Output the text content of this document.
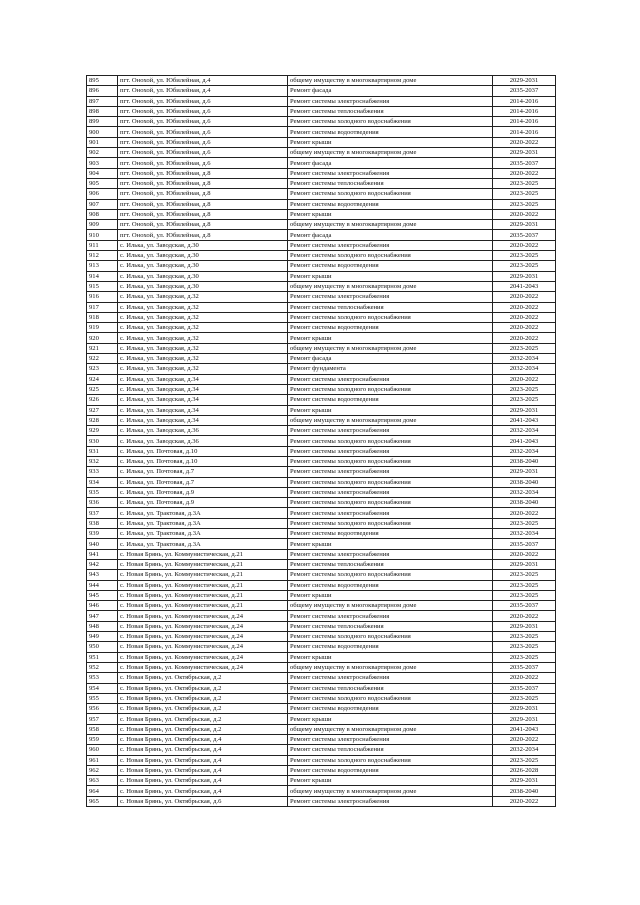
895	пгт. Онохой, ул. Юбилейная, д.4	общему имуществу в многоквартирном доме	2029-2031
896	пгт. Онохой, ул. Юбилейная, д.4	Ремонт фасада	2035-2037
897	пгт. Онохой, ул. Юбилейная, д.6	Ремонт системы электроснабжения	2014-2016
898	пгт. Онохой, ул. Юбилейная, д.6	Ремонт системы теплоснабжения	2014-2016
899	пгт. Онохой, ул. Юбилейная, д.6	Ремонт системы холодного водоснабжения	2014-2016
900	пгт. Онохой, ул. Юбилейная, д.6	Ремонт системы водоотведения	2014-2016
901	пгт. Онохой, ул. Юбилейная, д.6	Ремонт крыши	2020-2022
902	пгт. Онохой, ул. Юбилейная, д.6	общему имуществу в многоквартирном доме	2029-2031
903	пгт. Онохой, ул. Юбилейная, д.6	Ремонт фасада	2035-2037
904	пгт. Онохой, ул. Юбилейная, д.8	Ремонт системы электроснабжения	2020-2022
905	пгт. Онохой, ул. Юбилейная, д.8	Ремонт системы теплоснабжения	2023-2025
906	пгт. Онохой, ул. Юбилейная, д.8	Ремонт системы холодного водоснабжения	2023-2025
907	пгт. Онохой, ул. Юбилейная, д.8	Ремонт системы водоотведения	2023-2025
908	пгт. Онохой, ул. Юбилейная, д.8	Ремонт крыши	2020-2022
909	пгт. Онохой, ул. Юбилейная, д.8	общему имуществу в многоквартирном доме	2029-2031
910	пгт. Онохой, ул. Юбилейная, д.8	Ремонт фасада	2035-2037
911	с. Илька, ул. Заводская, д.30	Ремонт системы электроснабжения	2020-2022
912	с. Илька, ул. Заводская, д.30	Ремонт системы холодного водоснабжения	2023-2025
913	с. Илька, ул. Заводская, д.30	Ремонт системы водоотведения	2023-2025
914	с. Илька, ул. Заводская, д.30	Ремонт крыши	2029-2031
915	с. Илька, ул. Заводская, д.30	общему имуществу в многоквартирном доме	2041-2043
916	с. Илька, ул. Заводская, д.32	Ремонт системы электроснабжения	2020-2022
917	с. Илька, ул. Заводская, д.32	Ремонт системы теплоснабжения	2020-2022
918	с. Илька, ул. Заводская, д.32	Ремонт системы холодного водоснабжения	2020-2022
919	с. Илька, ул. Заводская, д.32	Ремонт системы водоотведения	2020-2022
920	с. Илька, ул. Заводская, д.32	Ремонт крыши	2020-2022
921	с. Илька, ул. Заводская, д.32	общему имуществу в многоквартирном доме	2023-2025
922	с. Илька, ул. Заводская, д.32	Ремонт фасада	2032-2034
923	с. Илька, ул. Заводская, д.32	Ремонт фундамента	2032-2034
924	с. Илька, ул. Заводская, д.34	Ремонт системы электроснабжения	2020-2022
925	с. Илька, ул. Заводская, д.34	Ремонт системы холодного водоснабжения	2023-2025
926	с. Илька, ул. Заводская, д.34	Ремонт системы водоотведения	2023-2025
927	с. Илька, ул. Заводская, д.34	Ремонт крыши	2029-2031
928	с. Илька, ул. Заводская, д.34	общему имуществу в многоквартирном доме	2041-2043
929	с. Илька, ул. Заводская, д.36	Ремонт системы электроснабжения	2032-2034
930	с. Илька, ул. Заводская, д.36	Ремонт системы холодного водоснабжения	2041-2043
931	с. Илька, ул. Почтовая, д.10	Ремонт системы электроснабжения	2032-2034
932	с. Илька, ул. Почтовая, д.10	Ремонт системы холодного водоснабжения	2038-2040
933	с. Илька, ул. Почтовая, д.7	Ремонт системы электроснабжения	2029-2031
934	с. Илька, ул. Почтовая, д.7	Ремонт системы холодного водоснабжения	2038-2040
935	с. Илька, ул. Почтовая, д.9	Ремонт системы электроснабжения	2032-2034
936	с. Илька, ул. Почтовая, д.9	Ремонт системы холодного водоснабжения	2038-2040
937	с. Илька, ул. Трактовая, д.3А	Ремонт системы электроснабжения	2020-2022
938	с. Илька, ул. Трактовая, д.3А	Ремонт системы холодного водоснабжения	2023-2025
939	с. Илька, ул. Трактовая, д.3А	Ремонт системы водоотведения	2032-2034
940	с. Илька, ул. Трактовая, д.3А	Ремонт крыши	2035-2037
941	с. Новая Брянь, ул. Коммунистическая, д.21	Ремонт системы электроснабжения	2020-2022
942	с. Новая Брянь, ул. Коммунистическая, д.21	Ремонт системы теплоснабжения	2029-2031
943	с. Новая Брянь, ул. Коммунистическая, д.21	Ремонт системы холодного водоснабжения	2023-2025
944	с. Новая Брянь, ул. Коммунистическая, д.21	Ремонт системы водоотведения	2023-2025
945	с. Новая Брянь, ул. Коммунистическая, д.21	Ремонт крыши	2023-2025
946	с. Новая Брянь, ул. Коммунистическая, д.21	общему имуществу в многоквартирном доме	2035-2037
947	с. Новая Брянь, ул. Коммунистическая, д.24	Ремонт системы электроснабжения	2020-2022
948	с. Новая Брянь, ул. Коммунистическая, д.24	Ремонт системы теплоснабжения	2029-2031
949	с. Новая Брянь, ул. Коммунистическая, д.24	Ремонт системы холодного водоснабжения	2023-2025
950	с. Новая Брянь, ул. Коммунистическая, д.24	Ремонт системы водоотведения	2023-2025
951	с. Новая Брянь, ул. Коммунистическая, д.24	Ремонт крыши	2023-2025
952	с. Новая Брянь, ул. Коммунистическая, д.24	общему имуществу в многоквартирном доме	2035-2037
953	с. Новая Брянь, ул. Октябрьская, д.2	Ремонт системы электроснабжения	2020-2022
954	с. Новая Брянь, ул. Октябрьская, д.2	Ремонт системы теплоснабжения	2035-2037
955	с. Новая Брянь, ул. Октябрьская, д.2	Ремонт системы холодного водоснабжения	2023-2025
956	с. Новая Брянь, ул. Октябрьская, д.2	Ремонт системы водоотведения	2029-2031
957	с. Новая Брянь, ул. Октябрьская, д.2	Ремонт крыши	2029-2031
958	с. Новая Брянь, ул. Октябрьская, д.2	общему имуществу в многоквартирном доме	2041-2043
959	с. Новая Брянь, ул. Октябрьская, д.4	Ремонт системы электроснабжения	2020-2022
960	с. Новая Брянь, ул. Октябрьская, д.4	Ремонт системы теплоснабжения	2032-2034
961	с. Новая Брянь, ул. Октябрьская, д.4	Ремонт системы холодного водоснабжения	2023-2025
962	с. Новая Брянь, ул. Октябрьская, д.4	Ремонт системы водоотведения	2026-2028
963	с. Новая Брянь, ул. Октябрьская, д.4	Ремонт крыши	2029-2031
964	с. Новая Брянь, ул. Октябрьская, д.4	общему имуществу в многоквартирном доме	2038-2040
965	с. Новая Брянь, ул. Октябрьская, д.6	Ремонт системы электроснабжения	2020-2022
